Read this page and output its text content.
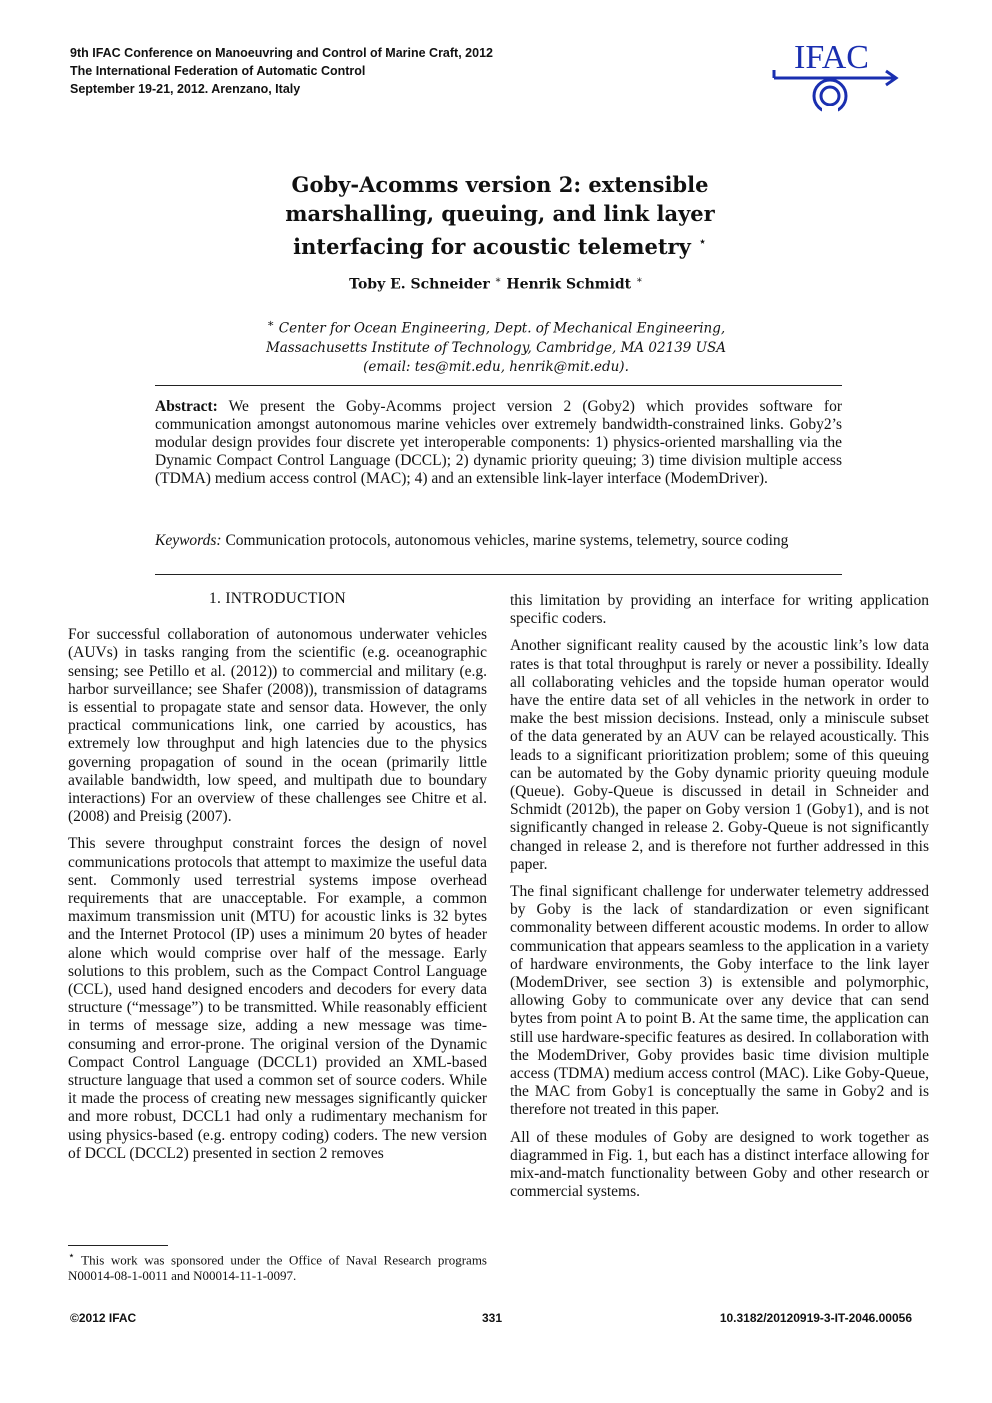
9th IFAC Conference on Manoeuvring and Control of Marine Craft, 2012
The International Federation of Automatic Control
September 19-21, 2012. Arenzano, Italy
IFAC
Goby-Acomms version 2: extensible
marshalling, queuing, and link layer
interfacing for acoustic telemetry ⋆
Toby E. Schneider ∗ Henrik Schmidt ∗
∗ Center for Ocean Engineering, Dept. of Mechanical Engineering,
Massachusetts Institute of Technology, Cambridge, MA 02139 USA
(email: tes@mit.edu, henrik@mit.edu).
Abstract: We present the Goby-Acomms project version 2 (Goby2) which provides software for communication amongst autonomous marine vehicles over extremely bandwidth-constrained links. Goby2’s modular design provides four discrete yet interoperable components: 1) physics-oriented marshalling via the Dynamic Compact Control Language (DCCL); 2) dynamic priority queuing; 3) time division multiple access (TDMA) medium access control (MAC); 4) and an extensible link-layer interface (ModemDriver).
Keywords: Communication protocols, autonomous vehicles, marine systems, telemetry, source coding
1. INTRODUCTION

For successful collaboration of autonomous underwater vehicles (AUVs) in tasks ranging from the scientific (e.g. oceanographic sensing; see Petillo et al. (2012)) to commercial and military (e.g. harbor surveillance; see Shafer (2008)), transmission of datagrams is essential to propagate state and sensor data. However, the only practical communications link, one carried by acoustics, has extremely low throughput and high latencies due to the physics governing propagation of sound in the ocean (primarily little available bandwidth, low speed, and multipath due to boundary interactions) For an overview of these challenges see Chitre et al. (2008) and Preisig (2007).

This severe throughput constraint forces the design of novel communications protocols that attempt to maximize the useful data sent. Commonly used terrestrial systems impose overhead requirements that are unacceptable. For example, a common maximum transmission unit (MTU) for acoustic links is 32 bytes and the Internet Protocol (IP) uses a minimum 20 bytes of header alone which would comprise over half of the message. Early solutions to this problem, such as the Compact Control Language (CCL), used hand designed encoders and decoders for every data structure (“message”) to be transmitted. While reasonably efficient in terms of message size, adding a new message was time-consuming and error-prone. The original version of the Dynamic Compact Control Language (DCCL1) provided an XML-based structure language that used a common set of source coders. While it made the process of creating new messages significantly quicker and more robust, DCCL1 had only a rudimentary mechanism for using physics-based (e.g. entropy coding) coders. The new version of DCCL (DCCL2) presented in section 2 removes

this limitation by providing an interface for writing application specific coders.

Another significant reality caused by the acoustic link’s low data rates is that total throughput is rarely or never a possibility. Ideally all collaborating vehicles and the topside human operator would have the entire data set of all vehicles in the network in order to make the best mission decisions. Instead, only a miniscule subset of the data generated by an AUV can be relayed acoustically. This leads to a significant prioritization problem; some of this queuing can be automated by the Goby dynamic priority queuing module (Queue). Goby-Queue is discussed in detail in Schneider and Schmidt (2012b), the paper on Goby version 1 (Goby1), and is not significantly changed in release 2. Goby-Queue is not significantly changed in release 2, and is therefore not further addressed in this paper.

The final significant challenge for underwater telemetry addressed by Goby is the lack of standardization or even significant commonality between different acoustic modems. In order to allow communication that appears seamless to the application in a variety of hardware environments, the Goby interface to the link layer (ModemDriver, see section 3) is extensible and polymorphic, allowing Goby to communicate over any device that can send bytes from point A to point B. At the same time, the application can still use hardware-specific features as desired. In collaboration with the ModemDriver, Goby provides basic time division multiple access (TDMA) medium access control (MAC). Like Goby-Queue, the MAC from Goby1 is conceptually the same in Goby2 and is therefore not treated in this paper.

All of these modules of Goby are designed to work together as diagrammed in Fig. 1, but each has a distinct interface allowing for mix-and-match functionality between Goby and other research or commercial systems.

⋆ This work was sponsored under the Office of Naval Research programs N00014-08-1-0011 and N00014-11-1-0097.
©2012 IFAC	331	10.3182/20120919-3-IT-2046.00056
